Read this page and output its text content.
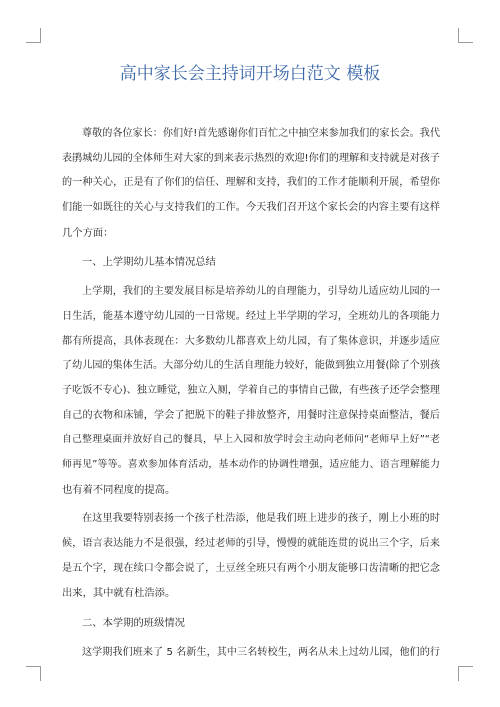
高中家长会主持词开场白范文 模板
尊敬的各位家长：你们好!首先感谢你们百忙之中抽空来参加我们的家长会。我代
表鹃城幼儿园的全体师生对大家的到来表示热烈的欢迎!你们的理解和支持就是对孩子
的一种关心，正是有了你们的信任、理解和支持，我们的工作才能顺利开展，希望你
们能一如既往的关心与支持我们的工作。今天我们召开这个家长会的内容主要有这样
几个方面：
一、上学期幼儿基本情况总结
上学期，我们的主要发展目标是培养幼儿的自理能力，引导幼儿适应幼儿园的一
日生活，能基本遵守幼儿园的一日常规。经过上半学期的学习，全班幼儿的各项能力
都有所提高，具体表现在：大多数幼儿都喜欢上幼儿园，有了集体意识，并逐步适应
了幼儿园的集体生活。大部分幼儿的生活自理能力较好，能做到独立用餐(除了个别孩
子吃饭不专心)、独立睡觉，独立入厕，学着自己的事情自己做，有些孩子还学会整理
自己的衣物和床铺，学会了把脱下的鞋子排放整齐，用餐时注意保持桌面整洁，餐后
自己整理桌面并放好自己的餐具，早上入园和放学时会主动向老师问“老师早上好”“老
师再见”等等。喜欢参加体育活动，基本动作的协调性增强，适应能力、语言理解能力
也有着不同程度的提高。
在这里我要特别表扬一个孩子杜浩添，他是我们班上进步的孩子，刚上小班的时
候，语言表达能力不是很强，经过老师的引导，慢慢的就能连贯的说出三个字，后来
是五个字，现在续口令都会说了，土豆丝全班只有两个小朋友能够口齿清晰的把它念
出来，其中就有杜浩添。
二、本学期的班级情况
这学期我们班来了 5 名新生，其中三名转校生，两名从未上过幼儿园，他们的行
